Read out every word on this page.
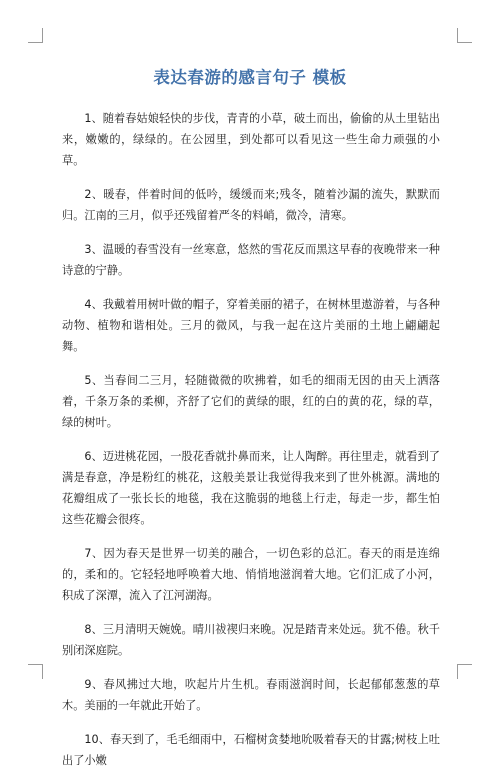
表达春游的感言句子 模板

1、随着春姑娘轻快的步伐，青青的小草，破土而出，偷偷的从土里钻出来，嫩嫩的，绿绿的。在公园里，到处都可以看见这一些生命力顽强的小草。

2、暖春，伴着时间的低吟，缓缓而来;残冬，随着沙漏的流失，默默而归。江南的三月，似乎还残留着严冬的料峭，微冷，清寒。

3、温暖的春雪没有一丝寒意，悠然的雪花反而黑这早春的夜晚带来一种诗意的宁静。

4、我戴着用树叶做的帽子，穿着美丽的裙子，在树林里遨游着，与各种动物、植物和谐相处。三月的微风，与我一起在这片美丽的土地上翩翩起舞。

5、当春间二三月，轻随微微的吹拂着，如毛的细雨无因的由天上洒落着，千条万条的柔柳，齐舒了它们的黄绿的眼，红的白的黄的花，绿的草，绿的树叶。

6、迈进桃花园，一股花香就扑鼻而来，让人陶醉。再往里走，就看到了满是春意，净是粉红的桃花，这般美景让我觉得我来到了世外桃源。满地的花瓣组成了一张长长的地毯，我在这脆弱的地毯上行走，每走一步，都生怕这些花瓣会很疼。

7、因为春天是世界一切美的融合，一切色彩的总汇。春天的雨是连绵的，柔和的。它轻轻地呼唤着大地、悄悄地滋润着大地。它们汇成了小河，积成了深潭，流入了江河湖海。

8、三月清明天婉娩。晴川祓禊归来晚。况是踏青来处远。犹不倦。秋千别闭深庭院。

9、春风拂过大地，吹起片片生机。春雨滋润时间，长起郁郁葱葱的草木。美丽的一年就此开始了。

10、春天到了，毛毛细雨中，石榴树贪婪地吮吸着春天的甘露;树枝上吐出了小嫩
